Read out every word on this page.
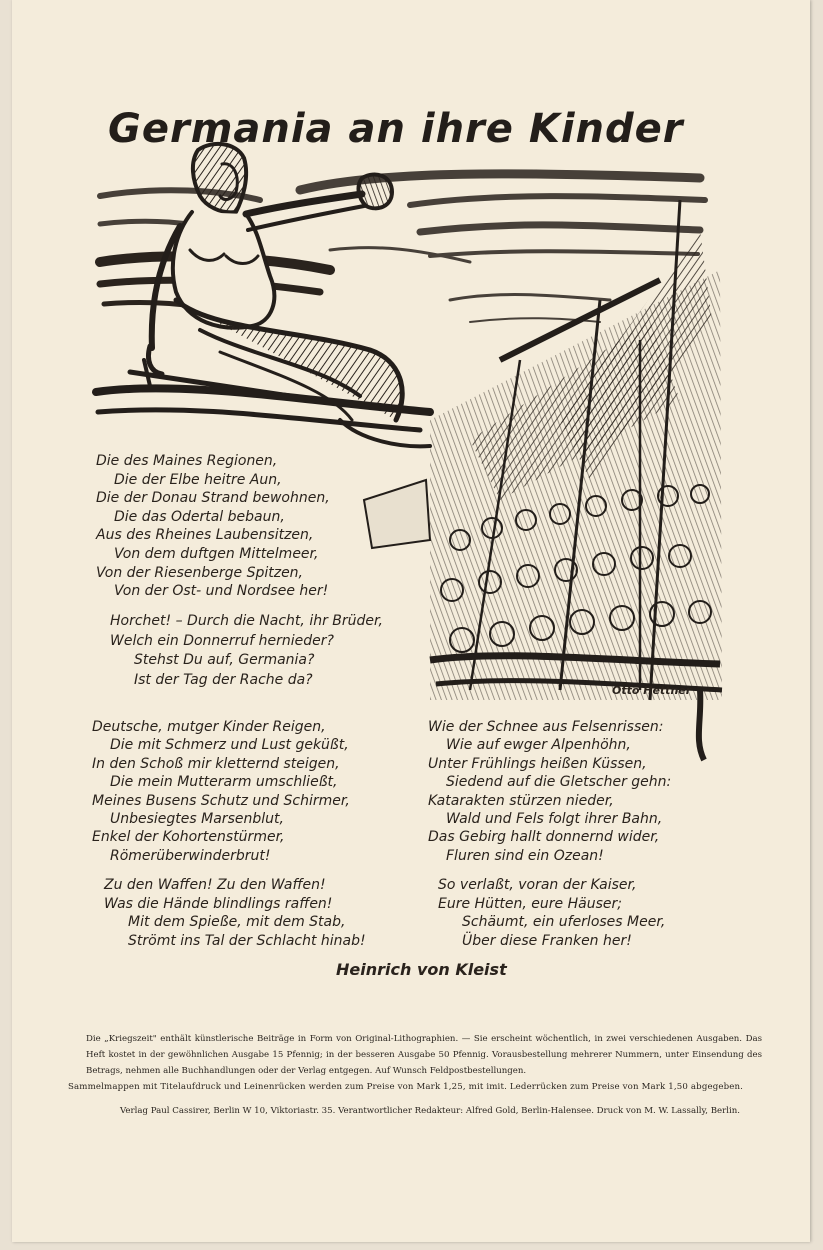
Germania an ihre Kinder
Otto Hettner
Die des Maines Regionen,
Die der Elbe heitre Aun,
Die der Donau Strand bewohnen,
Die das Odertal bebaun,
Aus des Rheines Laubensitzen,
Von dem duftgen Mittelmeer,
Von der Riesenberge Spitzen,
Von der Ost- und Nordsee her!
Horchet! – Durch die Nacht, ihr Brüder,
Welch ein Donnerruf hernieder?
Stehst Du auf, Germania?
Ist der Tag der Rache da?
Deutsche, mutger Kinder Reigen,
Die mit Schmerz und Lust geküßt,
In den Schoß mir kletternd steigen,
Die mein Mutterarm umschließt,
Meines Busens Schutz und Schirmer,
Unbesiegtes Marsenblut,
Enkel der Kohortenstürmer,
Römerüberwinderbrut!
Wie der Schnee aus Felsenrissen:
Wie auf ewger Alpenhöhn,
Unter Frühlings heißen Küssen,
Siedend auf die Gletscher gehn:
Katarakten stürzen nieder,
Wald und Fels folgt ihrer Bahn,
Das Gebirg hallt donnernd wider,
Fluren sind ein Ozean!
Zu den Waffen! Zu den Waffen!
Was die Hände blindlings raffen!
Mit dem Spieße, mit dem Stab,
Strömt ins Tal der Schlacht hinab!
So verlaßt, voran der Kaiser,
Eure Hütten, eure Häuser;
Schäumt, ein uferloses Meer,
Über diese Franken her!
Heinrich von Kleist
Die „Kriegszeit" enthält künstlerische Beiträge in Form von Original-Lithographien. — Sie erscheint wöchentlich, in zwei verschiedenen Ausgaben. Das Heft kostet in der gewöhnlichen Ausgabe 15 Pfennig; in der besseren Ausgabe 50 Pfennig. Vorausbestellung mehrerer Nummern, unter Einsendung des Betrags, nehmen alle Buchhandlungen oder der Verlag entgegen. Auf Wunsch Feldpostbestellungen.
Sammelmappen mit Titelaufdruck und Leinenrücken werden zum Preise von Mark 1,25, mit imit. Lederrücken zum Preise von Mark 1,50 abgegeben.
Verlag Paul Cassirer, Berlin W 10, Viktoriastr. 35. Verantwortlicher Redakteur: Alfred Gold, Berlin-Halensee. Druck von M. W. Lassally, Berlin.
